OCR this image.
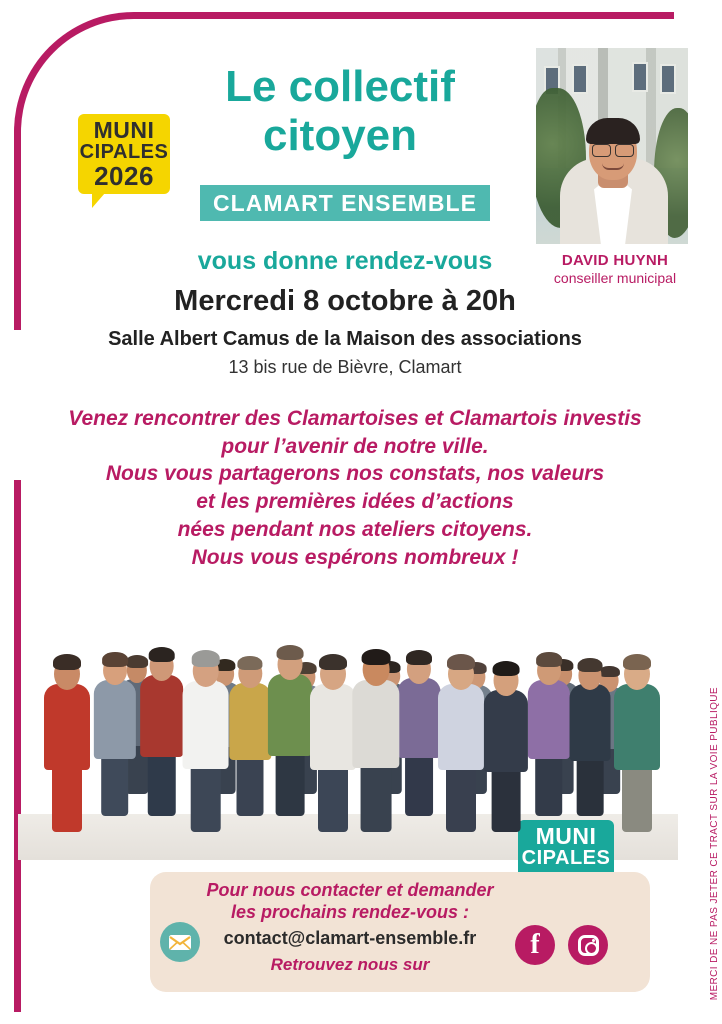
MUNI
CIPALES
2026
Le collectif
citoyen
CLAMART ENSEMBLE
vous donne rendez-vous
Mercredi 8 octobre à 20h
Salle Albert Camus de la Maison des associations
13 bis rue de Bièvre, Clamart
Venez rencontrer des Clamartoises et Clamartois investis
pour l’avenir de notre ville.
Nous vous partagerons nos constats, nos valeurs
et les premières idées d’actions
nées pendant nos ateliers citoyens.
Nous vous espérons nombreux !
DAVID HUYNH
conseiller municipal
MUNI
CIPALES
Pour nous contacter et demander
les prochains rendez-vous :
contact@clamart-ensemble.fr
Retrouvez nous sur
f	MERCI DE NE PAS JETER CE TRACT SUR LA VOIE PUBLIQUE
